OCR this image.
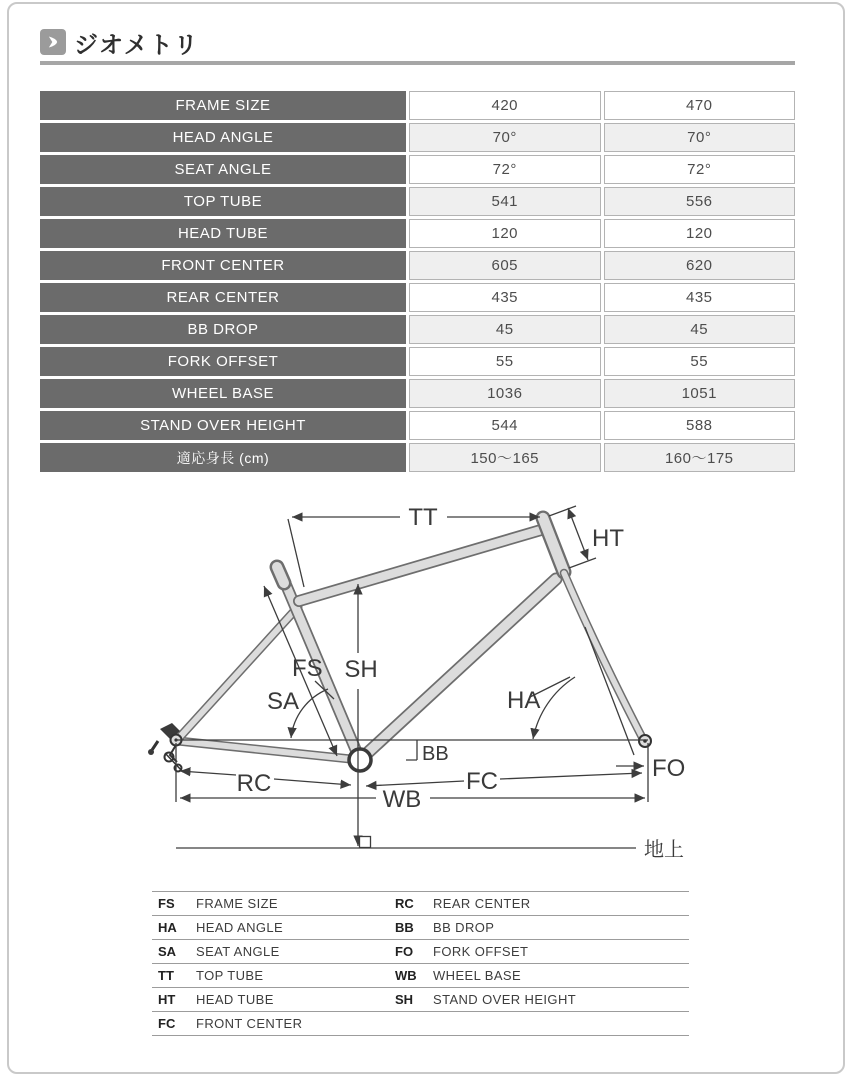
ジオメトリ
FRAME SIZE	420	470
HEAD ANGLE	70°	70°
SEAT ANGLE	72°	72°
TOP TUBE	541	556
HEAD TUBE	120	120
FRONT CENTER	605	620
REAR CENTER	435	435
BB DROP	45	45
FORK OFFSET	55	55
WHEEL BASE	1036	1051
STAND OVER HEIGHT	544	588
適応身長 (cm)	150〜165	160〜175
TT
HT
FS SH
SA	HA
BB
RC	FC
WB
FO
地上
FS	FRAME SIZE	RC	REAR CENTER
HA	HEAD ANGLE	BB	BB DROP
SA	SEAT ANGLE	FO	FORK OFFSET
TT	TOP TUBE	WB	WHEEL BASE
HT	HEAD TUBE	SH	STAND OVER HEIGHT
FC	FRONT CENTER
